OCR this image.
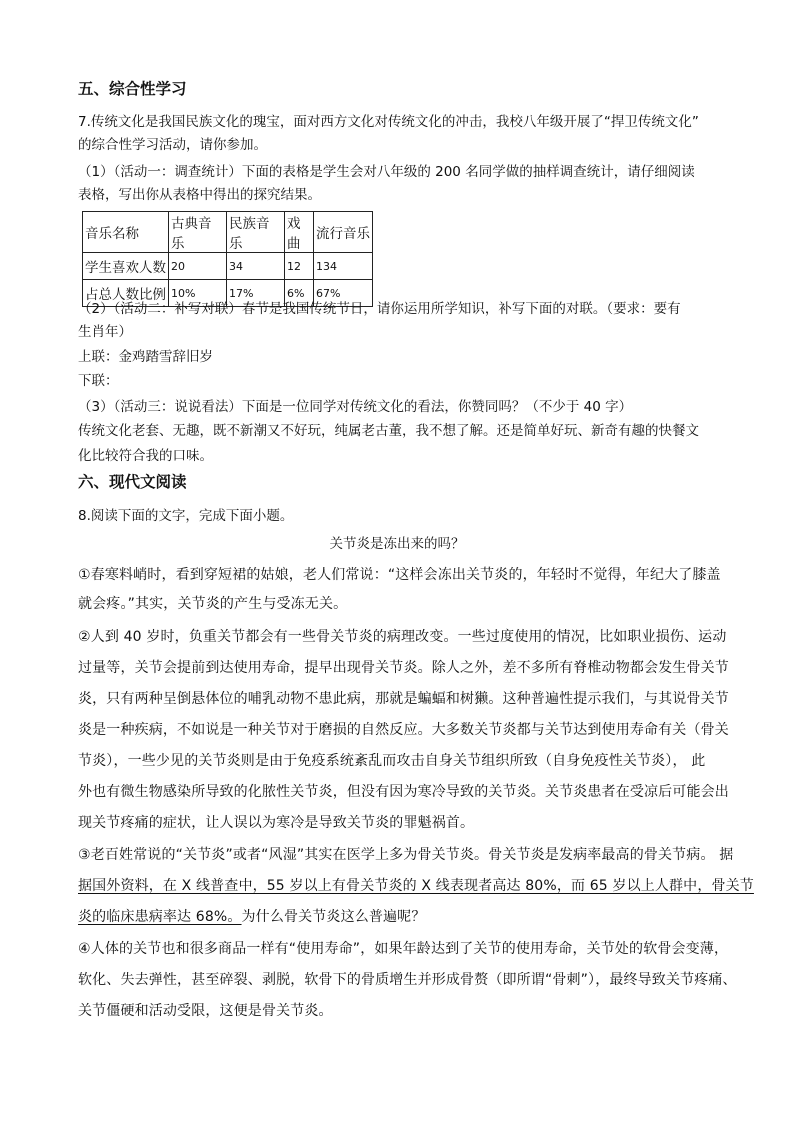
五、综合性学习
7.传统文化是我国民族文化的瑰宝，面对西方文化对传统文化的冲击，我校八年级开展了“捍卫传统文化”
的综合性学习活动，请你参加。
（1）（活动一：调查统计）下面的表格是学生会对八年级的 200 名同学做的抽样调查统计，请仔细阅读
表格，写出你从表格中得出的探究结果。
音乐名称	古典音乐	民族音乐	戏曲	流行音乐
学生喜欢人数	20	34	12	134
占总人数比例	10%	17%	6%	67%
（2）（活动二：补写对联）春节是我国传统节日，请你运用所学知识，补写下面的对联。（要求：要有
生肖年）
上联：金鸡踏雪辞旧岁
下联：
（3）（活动三：说说看法）下面是一位同学对传统文化的看法，你赞同吗？（不少于 40 字）
传统文化老套、无趣，既不新潮又不好玩，纯属老古董，我不想了解。还是简单好玩、新奇有趣的快餐文
化比较符合我的口味。
六、现代文阅读
8.阅读下面的文字，完成下面小题。
关节炎是冻出来的吗？
①春寒料峭时，看到穿短裙的姑娘，老人们常说：“这样会冻出关节炎的，年轻时不觉得，年纪大了膝盖
就会疼。”其实，关节炎的产生与受冻无关。
②人到 40 岁时，负重关节都会有一些骨关节炎的病理改变。一些过度使用的情况，比如职业损伤、运动
过量等，关节会提前到达使用寿命，提早出现骨关节炎。除人之外，差不多所有脊椎动物都会发生骨关节
炎，只有两种呈倒悬体位的哺乳动物不患此病，那就是蝙蝠和树獭。这种普遍性提示我们，与其说骨关节
炎是一种疾病，不如说是一种关节对于磨损的自然反应。大多数关节炎都与关节达到使用寿命有关（骨关
节炎），一些少见的关节炎则是由于免疫系统紊乱而攻击自身关节组织所致（自身免疫性关节炎）， 此
外也有微生物感染所导致的化脓性关节炎，但没有因为寒冷导致的关节炎。关节炎患者在受凉后可能会出
现关节疼痛的症状，让人误以为寒冷是导致关节炎的罪魁祸首。
③老百姓常说的“关节炎”或者“风湿”其实在医学上多为骨关节炎。骨关节炎是发病率最高的骨关节病。 据
据国外资料，在 X 线普查中，55 岁以上有骨关节炎的 X 线表现者高达 80%，而 65 岁以上人群中，骨关节
炎的临床患病率达 68%。为什么骨关节炎这么普遍呢？
④人体的关节也和很多商品一样有“使用寿命”，如果年龄达到了关节的使用寿命，关节处的软骨会变薄，
软化、失去弹性，甚至碎裂、剥脱，软骨下的骨质增生并形成骨赘（即所谓“骨刺”），最终导致关节疼痛、
关节僵硬和活动受限，这便是骨关节炎。
